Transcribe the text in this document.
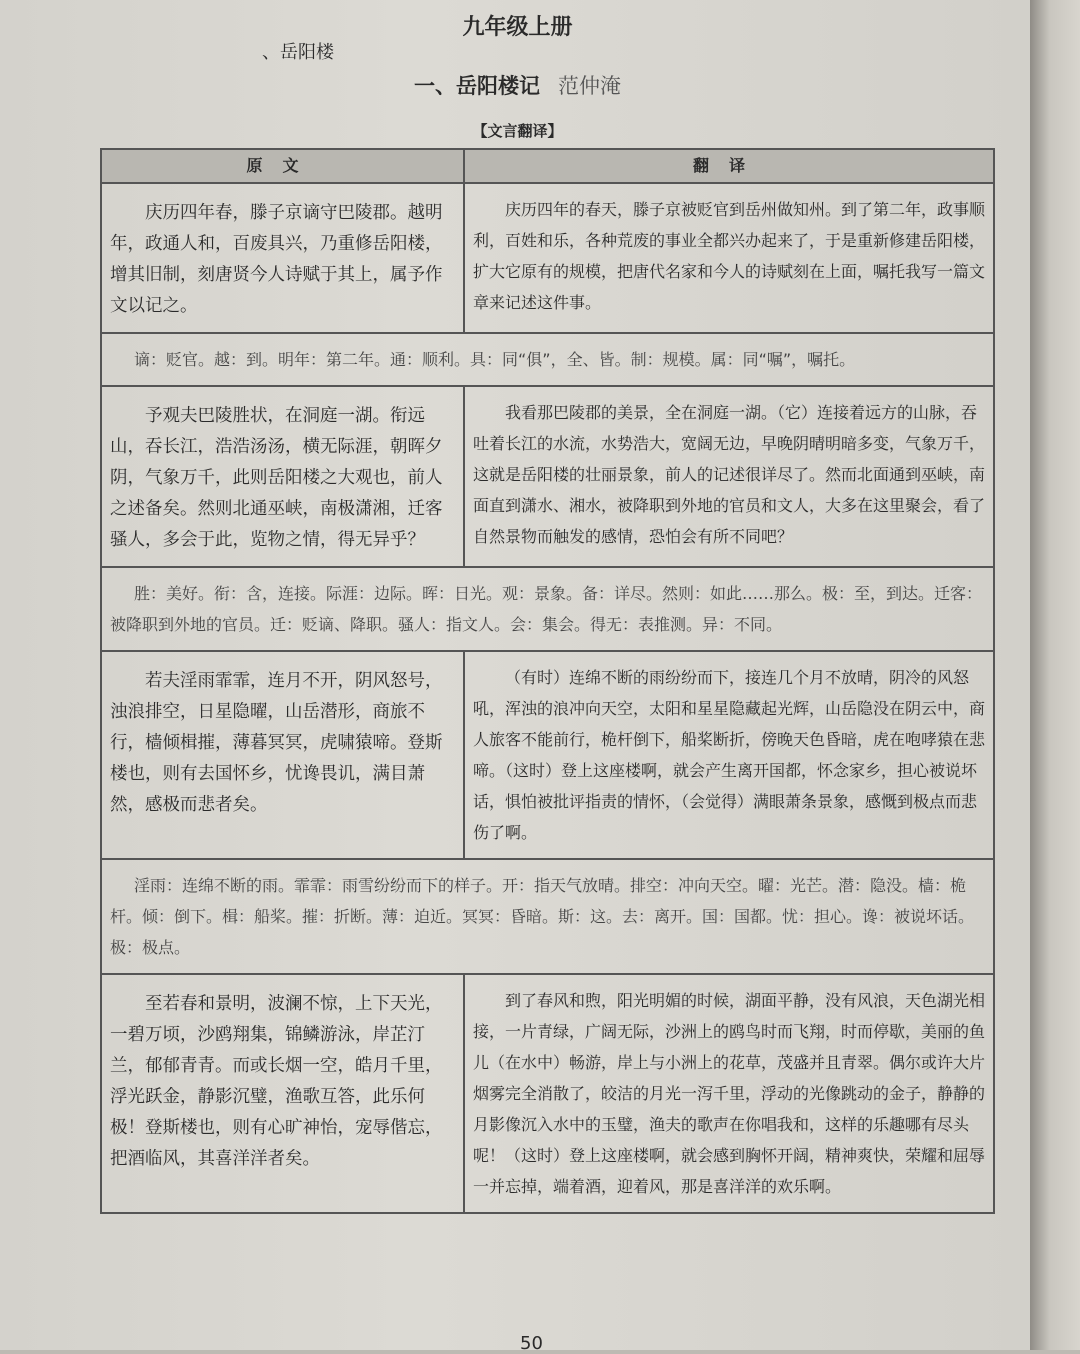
九年级上册
、岳阳楼
一、岳阳楼记 范仲淹
【文言翻译】
原文	翻译
庆历四年春，滕子京谪守巴陵郡。越明年，政通人和，百废具兴，乃重修岳阳楼，增其旧制，刻唐贤今人诗赋于其上，属予作文以记之。	庆历四年的春天，滕子京被贬官到岳州做知州。到了第二年，政事顺利，百姓和乐，各种荒废的事业全都兴办起来了，于是重新修建岳阳楼，扩大它原有的规模，把唐代名家和今人的诗赋刻在上面，嘱托我写一篇文章来记述这件事。
谪：贬官。越：到。明年：第二年。通：顺利。具：同“俱”，全、皆。制：规模。属：同“嘱”，嘱托。	
予观夫巴陵胜状，在洞庭一湖。衔远山，吞长江，浩浩汤汤，横无际涯，朝晖夕阴，气象万千，此则岳阳楼之大观也，前人之述备矣。然则北通巫峡，南极潇湘，迁客骚人，多会于此，览物之情，得无异乎？	我看那巴陵郡的美景，全在洞庭一湖。（它）连接着远方的山脉，吞吐着长江的水流，水势浩大，宽阔无边，早晚阴晴明暗多变，气象万千，这就是岳阳楼的壮丽景象，前人的记述很详尽了。然而北面通到巫峡，南面直到潇水、湘水，被降职到外地的官员和文人，大多在这里聚会，看了自然景物而触发的感情，恐怕会有所不同吧？
胜：美好。衔：含，连接。际涯：边际。晖：日光。观：景象。备：详尽。然则：如此……那么。极：至，到达。迁客：被降职到外地的官员。迁：贬谪、降职。骚人：指文人。会：集会。得无：表推测。异：不同。	
若夫淫雨霏霏，连月不开，阴风怒号，浊浪排空，日星隐曜，山岳潜形，商旅不行，樯倾楫摧，薄暮冥冥，虎啸猿啼。登斯楼也，则有去国怀乡，忧谗畏讥，满目萧然，感极而悲者矣。	（有时）连绵不断的雨纷纷而下，接连几个月不放晴，阴冷的风怒吼，浑浊的浪冲向天空，太阳和星星隐藏起光辉，山岳隐没在阴云中，商人旅客不能前行，桅杆倒下，船桨断折，傍晚天色昏暗，虎在咆哮猿在悲啼。（这时）登上这座楼啊，就会产生离开国都，怀念家乡，担心被说坏话，惧怕被批评指责的情怀，（会觉得）满眼萧条景象，感慨到极点而悲伤了啊。
淫雨：连绵不断的雨。霏霏：雨雪纷纷而下的样子。开：指天气放晴。排空：冲向天空。曜：光芒。潜：隐没。樯：桅杆。倾：倒下。楫：船桨。摧：折断。薄：迫近。冥冥：昏暗。斯：这。去：离开。国：国都。忧：担心。谗：被说坏话。极：极点。	
至若春和景明，波澜不惊，上下天光，一碧万顷，沙鸥翔集，锦鳞游泳，岸芷汀兰，郁郁青青。而或长烟一空，皓月千里，浮光跃金，静影沉璧，渔歌互答，此乐何极！登斯楼也，则有心旷神怡，宠辱偕忘，把酒临风，其喜洋洋者矣。	到了春风和煦，阳光明媚的时候，湖面平静，没有风浪，天色湖光相接，一片青绿，广阔无际，沙洲上的鸥鸟时而飞翔，时而停歇，美丽的鱼儿（在水中）畅游，岸上与小洲上的花草，茂盛并且青翠。偶尔或许大片烟雾完全消散了，皎洁的月光一泻千里，浮动的光像跳动的金子，静静的月影像沉入水中的玉璧，渔夫的歌声在你唱我和，这样的乐趣哪有尽头呢！（这时）登上这座楼啊，就会感到胸怀开阔，精神爽快，荣耀和屈辱一并忘掉，端着酒，迎着风，那是喜洋洋的欢乐啊。
50
